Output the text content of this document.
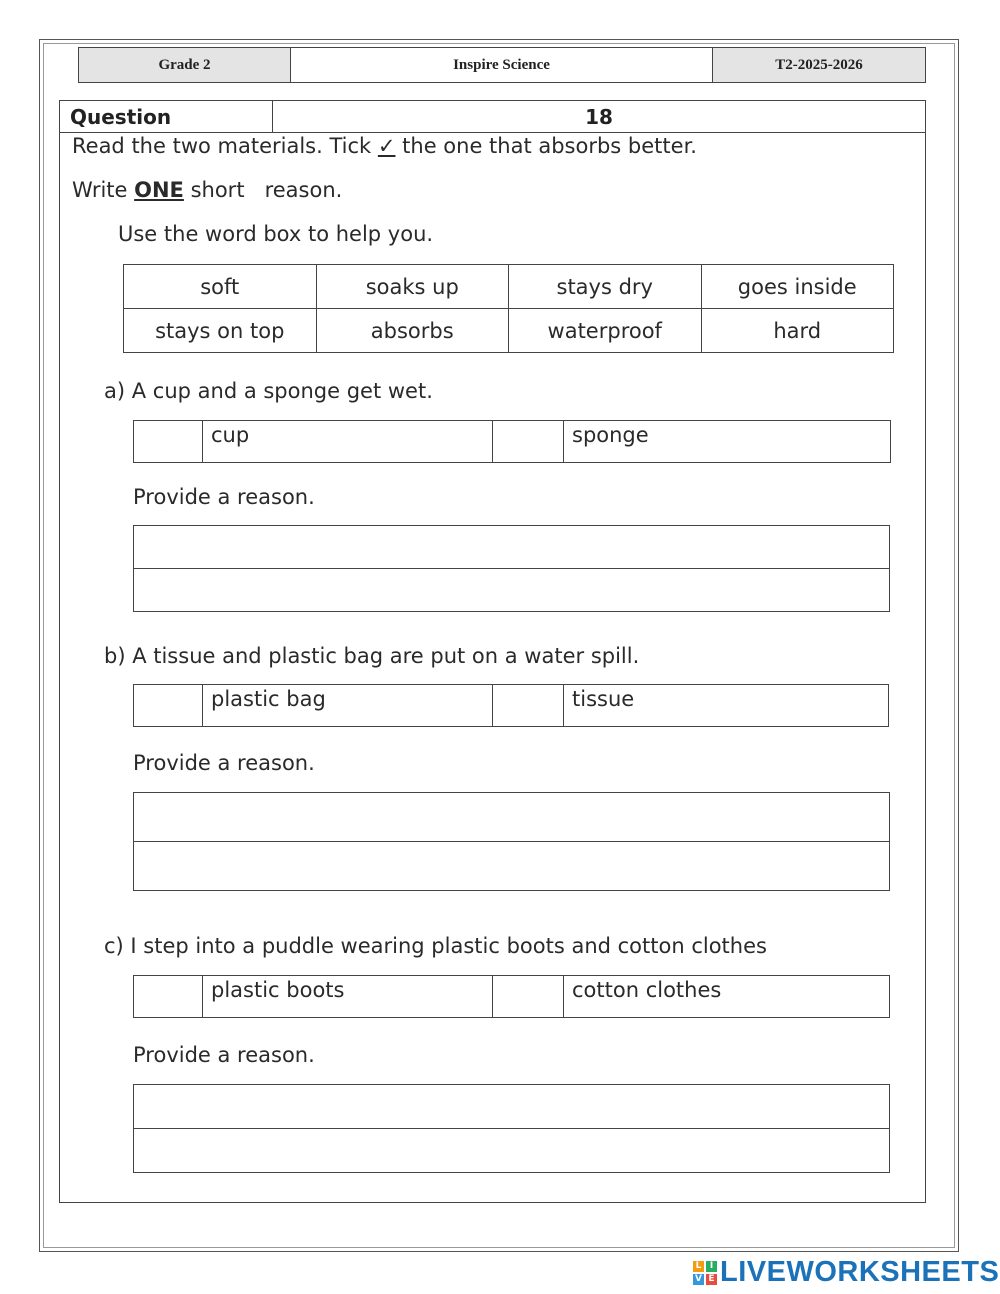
Grade 2	Inspire Science	T2-2025-2026
Question	18
Read the two materials. Tick ✓ the one that absorbs better.
Write ONE short   reason.
Use the word box to help you.
soft	soaks up	stays dry	goes inside
stays on top	absorbs	waterproof	hard
a) A cup and a sponge get wet.
cup	sponge
Provide a reason.
b) A tissue and plastic bag are put on a water spill.
plastic bag	tissue
Provide a reason.
c) I step into a puddle wearing plastic boots and cotton clothes
plastic boots	cotton clothes
Provide a reason.
L I
V E LIVEWORKSHEETS
